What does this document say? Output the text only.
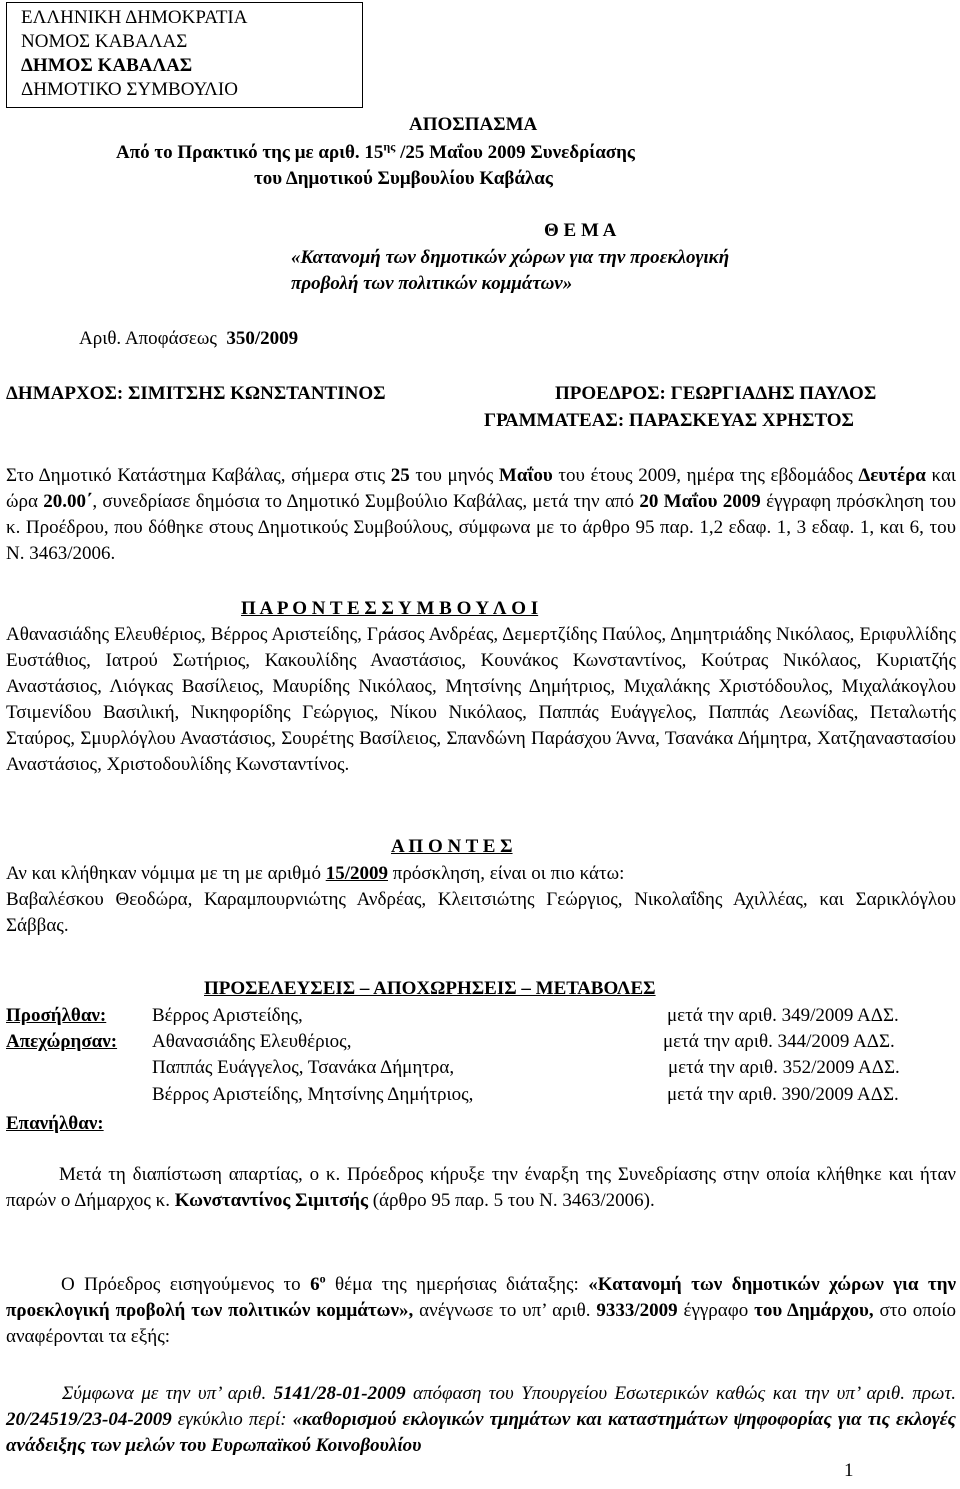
ΕΛΛΗΝΙΚΗ ΔΗΜΟΚΡΑΤΙΑ
ΝΟΜΟΣ ΚΑΒΑΛΑΣ
ΔΗΜΟΣ ΚΑΒΑΛΑΣ
ΔΗΜΟΤΙΚΟ ΣΥΜΒΟΥΛΙΟ
ΑΠΟΣΠΑΣΜΑ
Από το Πρακτικό της με αριθ. $15^{\eta\varsigma}$ /25 Μαΐου 2009 Συνεδρίασης
του Δημοτικού Συμβουλίου Καβάλας
Θ Ε Μ Α
«Κατανομή των δημοτικών χώρων για την προεκλογική
προβολή των πολιτικών κομμάτων»
Αριθ. Αποφάσεως 350/2009
ΔΗΜΑΡΧΟΣ: ΣΙΜΙΤΣΗΣ ΚΩΝΣΤΑΝΤΙΝΟΣ	ΠΡΟΕΔΡΟΣ: ΓΕΩΡΓΙΑΔΗΣ ΠΑΥΛΟΣ
ΓΡΑΜΜΑΤΕΑΣ: ΠΑΡΑΣΚΕΥΑΣ ΧΡΗΣΤΟΣ
Στο Δημοτικό Κατάστημα Καβάλας, σήμερα στις 25 του μηνός Μαΐου του έτους 2009, ημέρα της εβδομάδος Δευτέρα και ώρα 20.00΄, συνεδρίασε δημόσια το Δημοτικό Συμβούλιο Καβάλας, μετά την από 20 Μαΐου 2009 έγγραφη πρόσκληση του κ. Προέδρου, που δόθηκε στους Δημοτικούς Συμβούλους, σύμφωνα με το άρθρο 95 παρ. 1,2 εδαφ. 1, 3 εδαφ. 1, και 6, του Ν. 3463/2006.
Π Α Ρ Ο Ν Τ Ε Σ Σ Υ Μ Β Ο Υ Λ Ο Ι
Αθανασιάδης Ελευθέριος, Βέρρος Αριστείδης, Γράσος Ανδρέας, Δεμερτζίδης Παύλος, Δημητριάδης Νικόλαος, Εριφυλλίδης Ευστάθιος, Ιατρού Σωτήριος, Κακουλίδης Αναστάσιος, Κουνάκος Κωνσταντίνος, Κούτρας Νικόλαος, Κυριατζής Αναστάσιος, Λιόγκας Βασίλειος, Μαυρίδης Νικόλαος, Μητσίνης Δημήτριος, Μιχαλάκης Χριστόδουλος, Μιχαλάκογλου Τσιμενίδου Βασιλική, Νικηφορίδης Γεώργιος, Νίκου Νικόλαος, Παππάς Ευάγγελος, Παππάς Λεωνίδας, Πεταλωτής Σταύρος, Σμυρλόγλου Αναστάσιος, Σουρέτης Βασίλειος, Σπανδώνη Παράσχου Άννα, Τσανάκα Δήμητρα, Χατζηαναστασίου Αναστάσιος, Χριστοδουλίδης Κωνσταντίνος.
Α Π Ο Ν Τ Ε Σ
Αν και κλήθηκαν νόμιμα με τη με αριθμό 15/2009 πρόσκληση, είναι οι πιο κάτω:
Βαβαλέσκου Θεοδώρα, Καραμπουρνιώτης Ανδρέας, Κλειτσιώτης Γεώργιος, Νικολαΐδης Αχιλλέας, και Σαρικλόγλου Σάββας.
ΠΡΟΣΕΛΕΥΣΕΙΣ – ΑΠΟΧΩΡΗΣΕΙΣ – ΜΕΤΑΒΟΛΕΣ
Προσήλθαν: Βέρρος Αριστείδης,	μετά την αριθ. 349/2009 ΑΔΣ.
Απεχώρησαν: Αθανασιάδης Ελευθέριος,	μετά την αριθ. 344/2009 ΑΔΣ.
Παππάς Ευάγγελος, Τσανάκα Δήμητρα,	μετά την αριθ. 352/2009 ΑΔΣ.
Βέρρος Αριστείδης, Μητσίνης Δημήτριος,	μετά την αριθ. 390/2009 ΑΔΣ.
Επανήλθαν:
Μετά τη διαπίστωση απαρτίας, ο κ. Πρόεδρος κήρυξε την έναρξη της Συνεδρίασης στην οποία κλήθηκε και ήταν παρών ο Δήμαρχος κ. Κωνσταντίνος Σιμιτσής (άρθρο 95 παρ. 5 του Ν. 3463/2006).
Ο Πρόεδρος εισηγούμενος το $6^o$ θέμα της ημερήσιας διάταξης: «Κατανομή των δημοτικών χώρων για την προεκλογική προβολή των πολιτικών κομμάτων», ανέγνωσε το υπ’ αριθ. 9333/2009 έγγραφο του Δημάρχου, στο οποίο αναφέρονται τα εξής:
Σύμφωνα με την υπ’ αριθ. 5141/28-01-2009 απόφαση του Υπουργείου Εσωτερικών καθώς και την υπ’ αριθ. πρωτ. 20/24519/23-04-2009 εγκύκλιο περί: «καθορισμού εκλογικών τμημάτων και καταστημάτων ψηφοφορίας για τις εκλογές ανάδειξης των μελών του Ευρωπαϊκού Κοινοβουλίου
1
